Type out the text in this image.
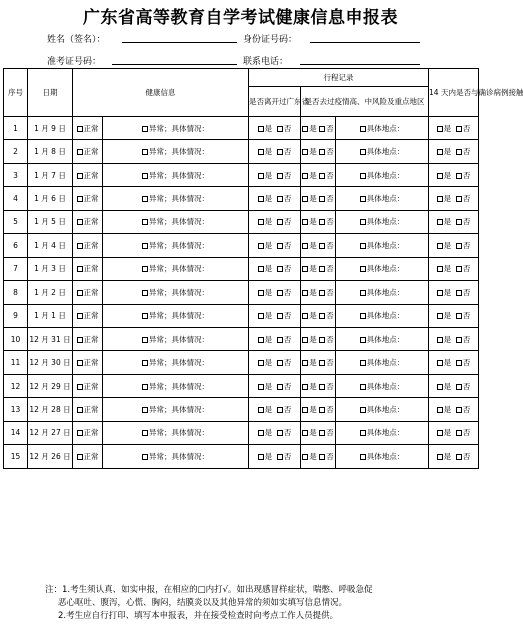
广东省高等教育自学考试健康信息申报表
姓名（签名）：	身份证号码：
准考证号码：	联系电话：
序号	日期	健康信息		行程记录			14 天内是否与确诊病例接触
				是否离开过广东省	是否去过疫情高、中风险及重点地区		
1	1 月 9 日	正常	异常；具体情况：	是 否	是 否	具体地点：	是 否
2	1 月 8 日	正常	异常；具体情况：	是 否	是 否	具体地点：	是 否
3	1 月 7 日	正常	异常；具体情况：	是 否	是 否	具体地点：	是 否
4	1 月 6 日	正常	异常；具体情况：	是 否	是 否	具体地点：	是 否
5	1 月 5 日	正常	异常；具体情况：	是 否	是 否	具体地点：	是 否
6	1 月 4 日	正常	异常；具体情况：	是 否	是 否	具体地点：	是 否
7	1 月 3 日	正常	异常；具体情况：	是 否	是 否	具体地点：	是 否
8	1 月 2 日	正常	异常；具体情况：	是 否	是 否	具体地点：	是 否
9	1 月 1 日	正常	异常；具体情况：	是 否	是 否	具体地点：	是 否
10	12 月 31 日	正常	异常；具体情况：	是 否	是 否	具体地点：	是 否
11	12 月 30 日	正常	异常；具体情况：	是 否	是 否	具体地点：	是 否
12	12 月 29 日	正常	异常；具体情况：	是 否	是 否	具体地点：	是 否
13	12 月 28 日	正常	异常；具体情况：	是 否	是 否	具体地点：	是 否
14	12 月 27 日	正常	异常；具体情况：	是 否	是 否	具体地点：	是 否
15	12 月 26 日	正常	异常；具体情况：	是 否	是 否	具体地点：	是 否
注：1.考生须认真、如实申报，在相应的□内打√。如出现感冒样症状，喘憋、呼吸急促
恶心呕吐、腹泻，心慌、胸闷，结膜炎以及其他异常的须如实填写信息情况。
2.考生应自行打印、填写本申报表，并在接受检查时向考点工作人员提供。
